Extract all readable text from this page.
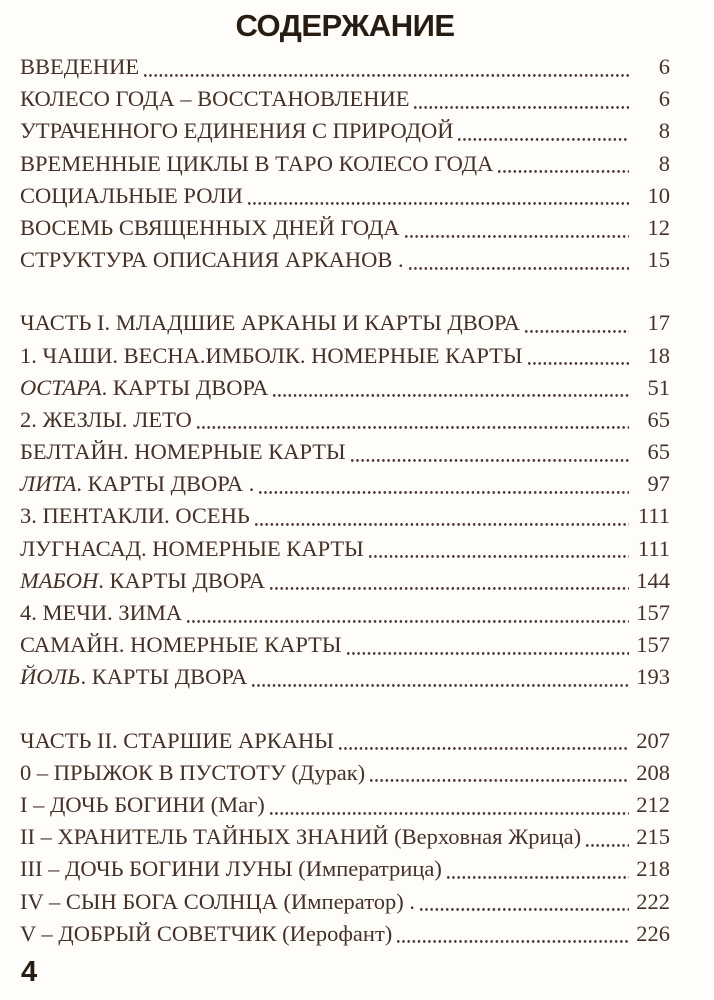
СОДЕРЖАНИЕ
ВВЕДЕНИЕ	6
КОЛЕСО ГОДА – ВОССТАНОВЛЕНИЕ	6
УТРАЧЕННОГО ЕДИНЕНИЯ С ПРИРОДОЙ	8
ВРЕМЕННЫЕ ЦИКЛЫ В ТАРО КОЛЕСО ГОДА	8
СОЦИАЛЬНЫЕ РОЛИ	10
ВОСЕМЬ СВЯЩЕННЫХ ДНЕЙ ГОДА	12
СТРУКТУРА ОПИСАНИЯ АРКАНОВ .	15
ЧАСТЬ I. МЛАДШИЕ АРКАНЫ И КАРТЫ ДВОРА	17
1. ЧАШИ. ВЕСНА.ИМБОЛК. НОМЕРНЫЕ КАРТЫ	18
ОСТАРА. КАРТЫ ДВОРА	51
2. ЖЕЗЛЫ. ЛЕТО	65
БЕЛТАЙН. НОМЕРНЫЕ КАРТЫ	65
ЛИТА. КАРТЫ ДВОРА .	97
3. ПЕНТАКЛИ. ОСЕНЬ	111
ЛУГНАСАД. НОМЕРНЫЕ КАРТЫ	111
МАБОН. КАРТЫ ДВОРА	144
4. МЕЧИ. ЗИМА	157
САМАЙН. НОМЕРНЫЕ КАРТЫ	157
ЙОЛЬ. КАРТЫ ДВОРА	193
ЧАСТЬ II. СТАРШИЕ АРКАНЫ	207
0 – ПРЫЖОК В ПУСТОТУ (Дурак)	208
I – ДОЧЬ БОГИНИ (Маг)	212
II – ХРАНИТЕЛЬ ТАЙНЫХ ЗНАНИЙ (Верховная Жрица) 215
III – ДОЧЬ БОГИНИ ЛУНЫ (Императрица)	218
IV – СЫН БОГА СОЛНЦА (Император) .	222
V – ДОБРЫЙ СОВЕТЧИК (Иерофант)	226
4
